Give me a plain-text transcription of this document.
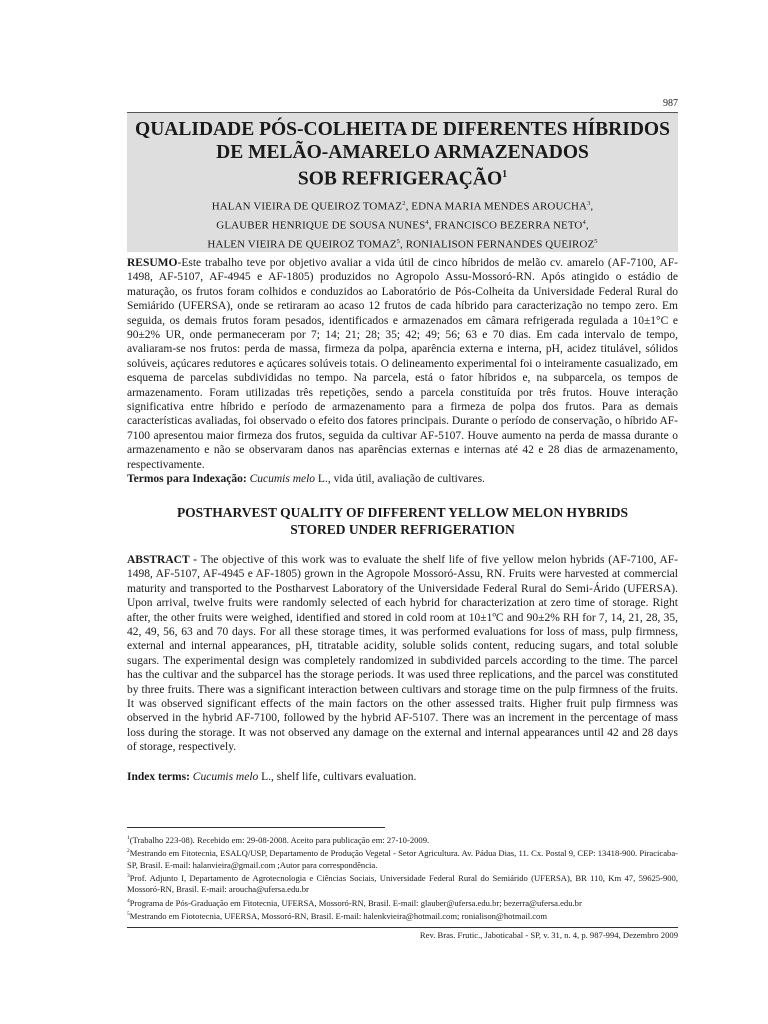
987
QUALIDADE PÓS-COLHEITA DE DIFERENTES HÍBRIDOS
DE MELÃO-AMARELO ARMAZENADOS
SOB REFRIGERAÇÃO$^1$
HALAN VIEIRA DE QUEIROZ TOMAZ$^2$, EDNA MARIA MENDES AROUCHA$^3$,
GLAUBER HENRIQUE DE SOUSA NUNES$^4$, FRANCISCO BEZERRA NETO$^4$,
HALEN VIEIRA DE QUEIROZ TOMAZ$^5$, RONIALISON FERNANDES QUEIROZ$^5$

RESUMO-Este trabalho teve por objetivo avaliar a vida útil de cinco híbridos de melão cv. amarelo (AF-7100, AF-1498, AF-5107, AF-4945 e AF-1805) produzidos no Agropolo Assu-Mossoró-RN. Após atingido o estádio de maturação, os frutos foram colhidos e conduzidos ao Laboratório de Pós-Colheita da Universidade Federal Rural do Semiárido (UFERSA), onde se retiraram ao acaso 12 frutos de cada híbrido para caracterização no tempo zero. Em seguida, os demais frutos foram pesados, identificados e armazenados em câmara refrigerada regulada a 10±1°C e 90±2% UR, onde permaneceram por 7; 14; 21; 28; 35; 42; 49; 56; 63 e 70 dias. Em cada intervalo de tempo, avaliaram-se nos frutos: perda de massa, firmeza da polpa, aparência externa e interna, pH, acidez titulável, sólidos solúveis, açúcares redutores e açúcares solúveis totais. O delineamento experimental foi o inteiramente casualizado, em esquema de parcelas subdivididas no tempo. Na parcela, está o fator híbridos e, na subparcela, os tempos de armazenamento. Foram utilizadas três repetições, sendo a parcela constituída por três frutos. Houve interação significativa entre híbrido e período de armazenamento para a firmeza de polpa dos frutos. Para as demais características avaliadas, foi observado o efeito dos fatores principais. Durante o período de conservação, o híbrido AF-7100 apresentou maior firmeza dos frutos, seguida da cultivar AF-5107. Houve aumento na perda de massa durante o armazenamento e não se observaram danos nas aparências externas e internas até 42 e 28 dias de armazenamento, respectivamente.
Termos para Indexação: Cucumis melo L., vida útil, avaliação de cultivares.

POSTHARVEST QUALITY OF DIFFERENT YELLOW MELON HYBRIDS
STORED UNDER REFRIGERATION

ABSTRACT - The objective of this work was to evaluate the shelf life of five yellow melon hybrids (AF-7100, AF-1498, AF-5107, AF-4945 e AF-1805) grown in the Agropole Mossoró-Assu, RN. Fruits were harvested at commercial maturity and transported to the Postharvest Laboratory of the Universidade Federal Rural do Semi-Árido (UFERSA). Upon arrival, twelve fruits were randomly selected of each hybrid for characterization at zero time of storage. Right after, the other fruits were weighed, identified and stored in cold room at 10±1ºC and 90±2% RH for 7, 14, 21, 28, 35, 42, 49, 56, 63 and 70 days. For all these storage times, it was performed evaluations for loss of mass, pulp firmness, external and internal appearances, pH, titratable acidity, soluble solids content, reducing sugars, and total soluble sugars. The experimental design was completely randomized in subdivided parcels according to the time. The parcel has the cultivar and the subparcel has the storage periods. It was used three replications, and the parcel was constituted by three fruits. There was a significant interaction between cultivars and storage time on the pulp firmness of the fruits. It was observed significant effects of the main factors on the other assessed traits. Higher fruit pulp firmness was observed in the hybrid AF-7100, followed by the hybrid AF-5107. There was an increment in the percentage of mass loss during the storage. It was not observed any damage on the external and internal appearances until 42 and 28 days of storage, respectively.

Index terms: Cucumis melo L., shelf life, cultivars evaluation.

$^1$(Trabalho 223-08). Recebido em: 29-08-2008. Aceito para publicação em: 27-10-2009.

$^2$Mestrando em Fitotecnia, ESALQ/USP, Departamento de Produção Vegetal - Setor Agricultura. Av. Pádua Dias, 11. Cx. Postal 9, CEP: 13418-900. Piracicaba-SP, Brasil. E-mail: halanvieira@gmail.com ;Autor para correspondência.

$^3$Prof. Adjunto I, Departamento de Agrotecnologia e Ciências Sociais, Universidade Federal Rural do Semiárido (UFERSA), BR 110, Km 47, 59625-900, Mossoró-RN, Brasil. E-mail: aroucha@ufersa.edu.br

$^4$Programa de Pós-Graduação em Fitotecnia, UFERSA, Mossoró-RN, Brasil. E-mail: glauber@ufersa.edu.br; bezerra@ufersa.edu.br

$^5$Mestrando em Fiototecnia, UFERSA, Mossoró-RN, Brasil. E-mail: halenkvieira@hotmail.com; ronialison@hotmail.com

Rev. Bras. Frutic., Jaboticabal - SP, v. 31, n. 4, p. 987-994, Dezembro 2009
